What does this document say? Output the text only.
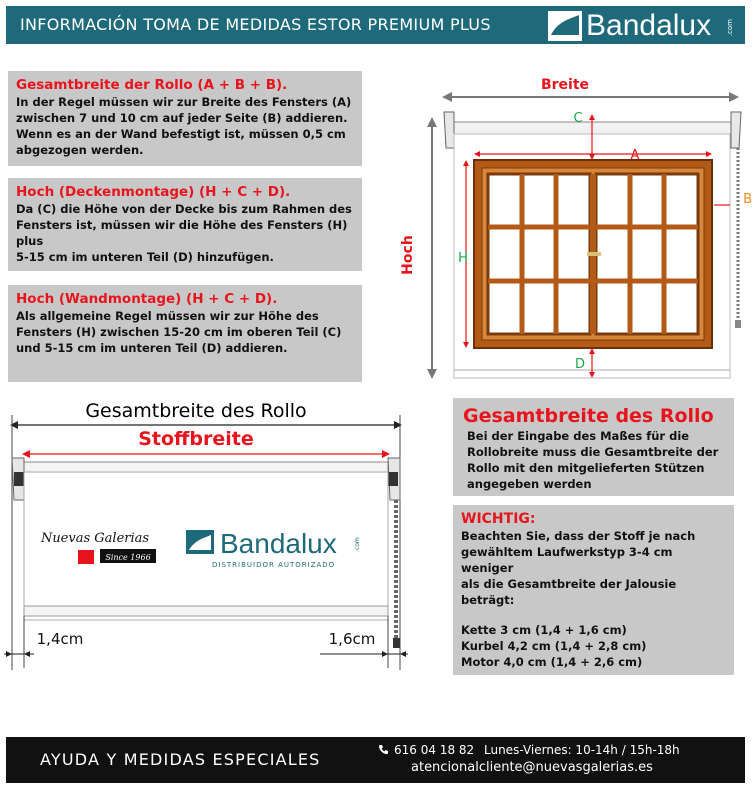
INFORMACIÓN TOMA DE MEDIDAS ESTOR PREMIUM PLUS	Bandalux .com
Gesamtbreite der Rollo (A + B + B).
In der Regel müssen wir zur Breite des Fensters (A)
zwischen 7 und 10 cm auf jeder Seite (B) addieren.
Wenn es an der Wand befestigt ist, müssen 0,5 cm
abgezogen werden.
Hoch (Deckenmontage) (H + C + D).
Da (C) die Höhe von der Decke bis zum Rahmen des
Fensters ist, müssen wir die Höhe des Fensters (H) plus
5-15 cm im unteren Teil (D) hinzufügen.
Hoch (Wandmontage) (H + C + D).
Als allgemeine Regel müssen wir zur Höhe des
Fensters (H) zwischen 15-20 cm im oberen Teil (C)
und 5-15 cm im unteren Teil (D) addieren.
Breite
Hoch
A
C
B
H
D
Gesamtbreite des Rollo
Stoffbreite
Nuevas Galerias
Since 1966 Bandalux	.com
DISTRIBUIDOR AUTORIZADO
1,4cm	1,6cm
Gesamtbreite des Rollo
Bei der Eingabe des Maßes für die
Rollobreite muss die Gesamtbreite der
Rollo mit den mitgelieferten Stützen
angegeben werden
WICHTIG:
Beachten Sie, dass der Stoff je nach
gewähltem Laufwerkstyp 3-4 cm weniger
als die Gesamtbreite der Jalousie beträgt:
Kette 3 cm (1,4 + 1,6 cm)
Kurbel 4,2 cm (1,4 + 2,8 cm)
Motor 4,0 cm (1,4 + 2,6 cm)
AYUDA Y MEDIDAS ESPECIALES	616 04 18 82 Lunes-Viernes: 10-14h / 15h-18h
atencionalcliente@nuevasgalerias.es
